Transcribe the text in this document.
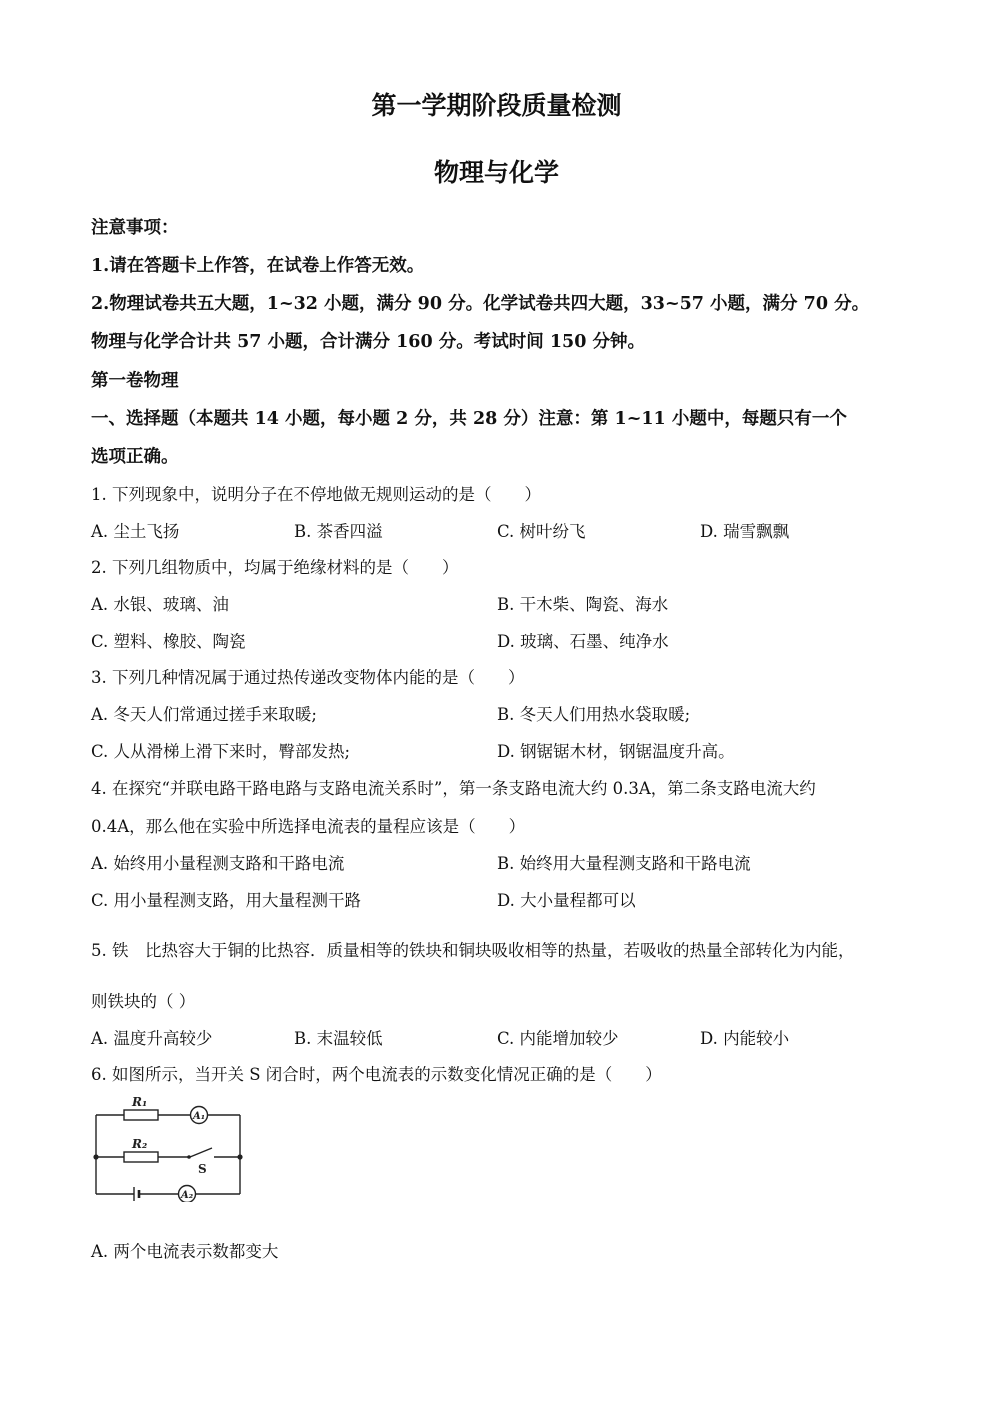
第一学期阶段质量检测
物理与化学
注意事项：
1.请在答题卡上作答，在试卷上作答无效。
2.物理试卷共五大题，1~32 小题，满分 90 分。化学试卷共四大题，33~57 小题，满分 70 分。
物理与化学合计共 57 小题，合计满分 160 分。考试时间 150 分钟。
第一卷物理
一、选择题（本题共 14 小题，每小题 2 分，共 28 分）注意：第 1~11 小题中，每题只有一个
选项正确。
1. 下列现象中，说明分子在不停地做无规则运动的是（　　）
A. 尘土飞扬	B. 茶香四溢	C. 树叶纷飞	D. 瑞雪飘飘
2. 下列几组物质中，均属于绝缘材料的是（　　）
A. 水银、玻璃、油	B. 干木柴、陶瓷、海水
C. 塑料、橡胶、陶瓷	D. 玻璃、石墨、纯净水
3. 下列几种情况属于通过热传递改变物体内能的是（　　）
A. 冬天人们常通过搓手来取暖;	B. 冬天人们用热水袋取暖;
C. 人从滑梯上滑下来时，臀部发热;	D. 钢锯锯木材，钢锯温度升高。
4. 在探究“并联电路干路电路与支路电流关系时”，第一条支路电流大约 0.3A，第二条支路电流大约
0.4A，那么他在实验中所选择电流表的量程应该是（　　）
A. 始终用小量程测支路和干路电流	B. 始终用大量程测支路和干路电流
C. 用小量程测支路，用大量程测干路	D. 大小量程都可以
5. 铁　比热容大于铜的比热容．质量相等的铁块和铜块吸收相等的热量，若吸收的热量全部转化为内能，
则铁块的（ ）
A. 温度升高较少	B. 末温较低	C. 内能增加较少	D. 内能较小
6. 如图所示，当开关 S 闭合时，两个电流表的示数变化情况正确的是（　　）
R₁
R₂
A₁
A₂
S
A. 两个电流表示数都变大
